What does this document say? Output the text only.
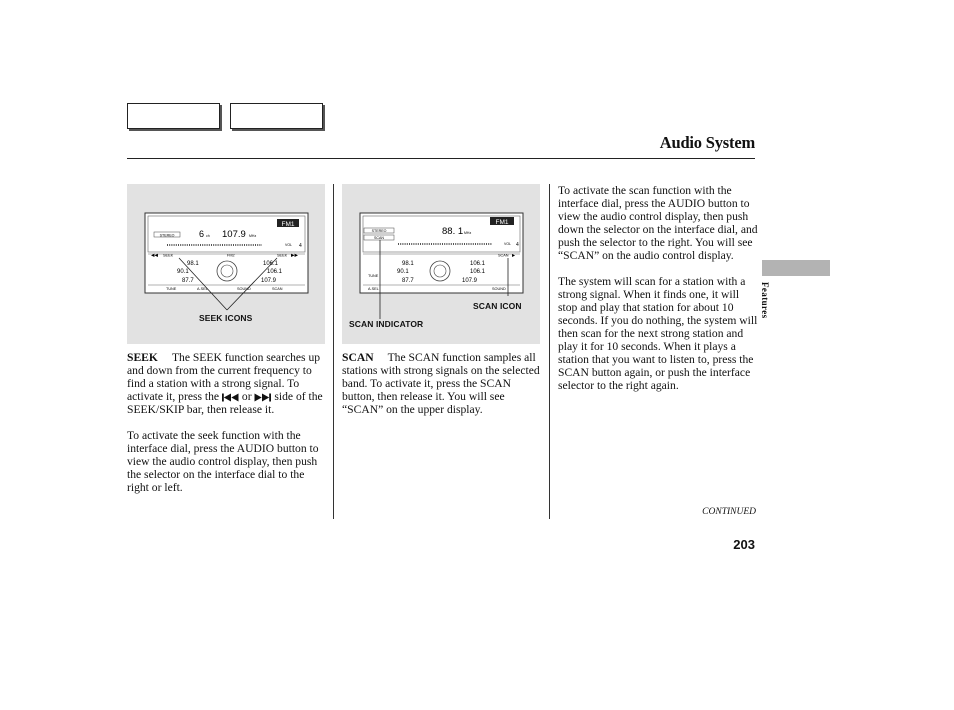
Audio System
FM1
STEREO	6 ch 107.9 MHz
VOL 4
◀◀ SEEK	FM2	SEEK ▶▶
98.1	106.1
90.1	106.1
87.7	107.9
TUNE	A.SEL	SOUND	SCAN
SEEK ICONS
FM1
STEREO
SCAN
88. 1 MHz
VOL 4
SCAN ▶
98.1	106.1
90.1	106.1
87.7	107.9
TUNE
A.SEL	SOUND
SCAN ICON
SCAN INDICATOR

SEEK The SEEK function searches up and down from the current frequency to find a station with a strong signal. To activate it, press the or side of the SEEK/SKIP bar, then release it.

To activate the seek function with the interface dial, press the AUDIO button to view the audio control display, then push the selector on the interface dial to the right or left.

SCAN The SCAN function samples all stations with strong signals on the selected band. To activate it, press the SCAN button, then release it. You will see “SCAN” on the upper display.

To activate the scan function with the interface dial, press the AUDIO button to view the audio control display, then push down the selector on the interface dial, and push the selector to the right. You will see “SCAN” on the audio control display.

The system will scan for a station with a strong signal. When it finds one, it will stop and play that station for about 10 seconds. If you do nothing, the system will then scan for the next strong station and play it for 10 seconds. When it plays a station that you want to listen to, press the SCAN button again, or push the interface selector to the right again.

Features
CONTINUED
203
